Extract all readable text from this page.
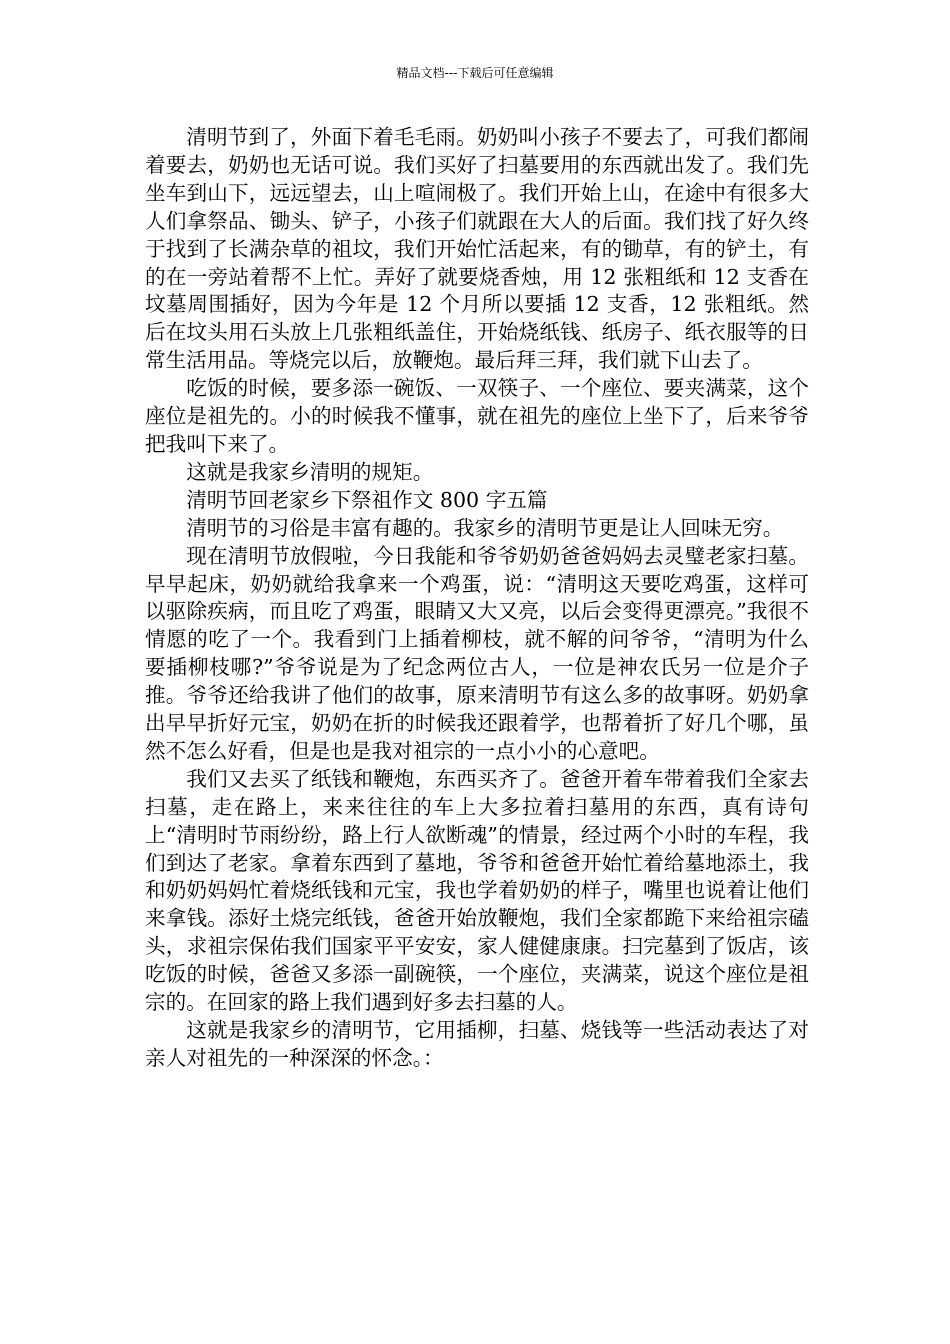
精品文档---下载后可任意编辑

清明节到了，外面下着毛毛雨。奶奶叫小孩子不要去了，可我们都闹着要去，奶奶也无话可说。我们买好了扫墓要用的东西就出发了。我们先坐车到山下，远远望去，山上喧闹极了。我们开始上山，在途中有很多大人们拿祭品、锄头、铲子，小孩子们就跟在大人的后面。我们找了好久终于找到了长满杂草的祖坟，我们开始忙活起来，有的锄草，有的铲土，有的在一旁站着帮不上忙。弄好了就要烧香烛，用 12 张粗纸和 12 支香在坟墓周围插好，因为今年是 12 个月所以要插 12 支香，12 张粗纸。然后在坟头用石头放上几张粗纸盖住，开始烧纸钱、纸房子、纸衣服等的日常生活用品。等烧完以后，放鞭炮。最后拜三拜，我们就下山去了。

吃饭的时候，要多添一碗饭、一双筷子、一个座位、要夹满菜，这个座位是祖先的。小的时候我不懂事，就在祖先的座位上坐下了，后来爷爷把我叫下来了。

这就是我家乡清明的规矩。

清明节回老家乡下祭祖作文 800 字五篇

清明节的习俗是丰富有趣的。我家乡的清明节更是让人回味无穷。

现在清明节放假啦，今日我能和爷爷奶奶爸爸妈妈去灵璧老家扫墓。早早起床，奶奶就给我拿来一个鸡蛋，说：“清明这天要吃鸡蛋，这样可以驱除疾病，而且吃了鸡蛋，眼睛又大又亮，以后会变得更漂亮。”我很不情愿的吃了一个。我看到门上插着柳枝，就不解的问爷爷，“清明为什么要插柳枝哪?”爷爷说是为了纪念两位古人，一位是神农氏另一位是介子推。爷爷还给我讲了他们的故事，原来清明节有这么多的故事呀。奶奶拿出早早折好元宝，奶奶在折的时候我还跟着学，也帮着折了好几个哪，虽然不怎么好看，但是也是我对祖宗的一点小小的心意吧。

我们又去买了纸钱和鞭炮，东西买齐了。爸爸开着车带着我们全家去扫墓，走在路上，来来往往的车上大多拉着扫墓用的东西，真有诗句上“清明时节雨纷纷，路上行人欲断魂”的情景，经过两个小时的车程，我们到达了老家。拿着东西到了墓地，爷爷和爸爸开始忙着给墓地添土，我和奶奶妈妈忙着烧纸钱和元宝，我也学着奶奶的样子，嘴里也说着让他们来拿钱。添好土烧完纸钱，爸爸开始放鞭炮，我们全家都跪下来给祖宗磕头，求祖宗保佑我们国家平平安安，家人健健康康。扫完墓到了饭店，该吃饭的时候，爸爸又多添一副碗筷，一个座位，夹满菜，说这个座位是祖宗的。在回家的路上我们遇到好多去扫墓的人。

这就是我家乡的清明节，它用插柳，扫墓、烧钱等一些活动表达了对亲人对祖先的一种深深的怀念。：
